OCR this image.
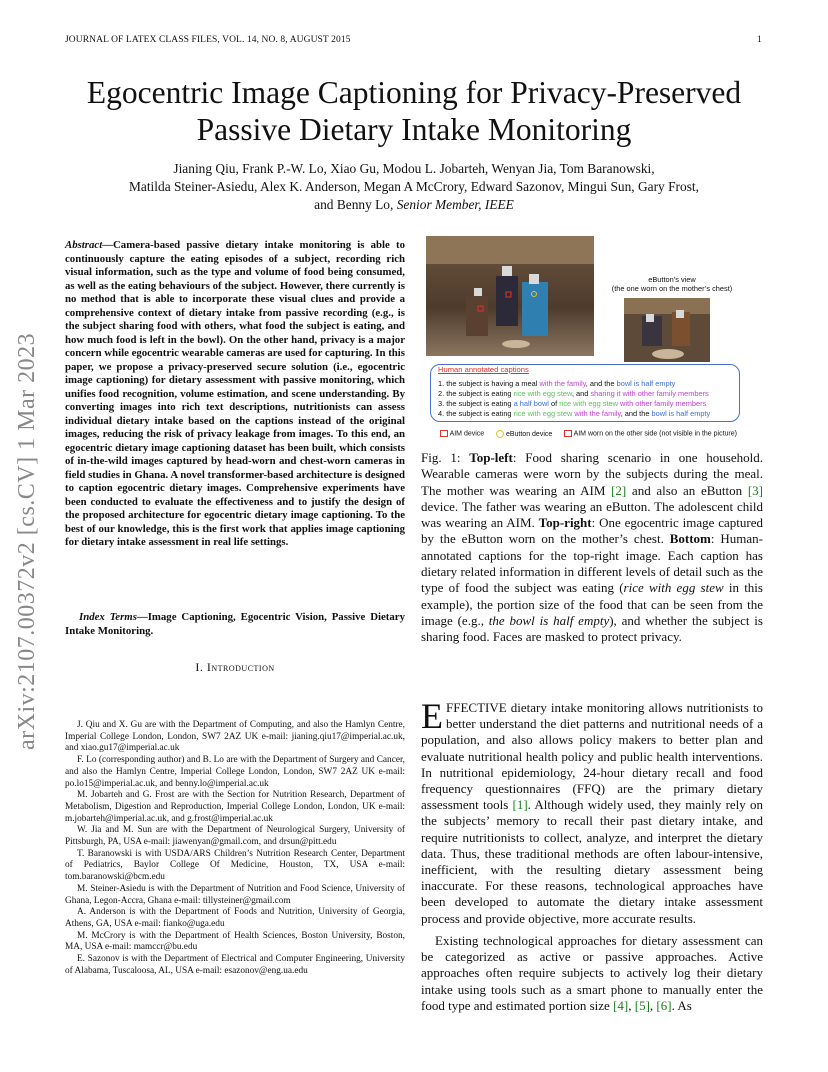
JOURNAL OF LATEX CLASS FILES, VOL. 14, NO. 8, AUGUST 2015	1
Egocentric Image Captioning for Privacy-Preserved Passive Dietary Intake Monitoring
Jianing Qiu, Frank P.-W. Lo, Xiao Gu, Modou L. Jobarteh, Wenyan Jia, Tom Baranowski,
Matilda Steiner-Asiedu, Alex K. Anderson, Megan A McCrory, Edward Sazonov, Mingui Sun, Gary Frost,
and Benny Lo, Senior Member, IEEE
arXiv:2107.00372v2 [cs.CV] 1 Mar 2023
Abstract—Camera-based passive dietary intake monitoring is able to continuously capture the eating episodes of a subject, recording rich visual information, such as the type and volume of food being consumed, as well as the eating behaviours of the subject. However, there currently is no method that is able to incorporate these visual clues and provide a comprehensive context of dietary intake from passive recording (e.g., is the subject sharing food with others, what food the subject is eating, and how much food is left in the bowl). On the other hand, privacy is a major concern while egocentric wearable cameras are used for capturing. In this paper, we propose a privacy-preserved secure solution (i.e., egocentric image captioning) for dietary assessment with passive monitoring, which unifies food recognition, volume estimation, and scene understanding. By converting images into rich text descriptions, nutritionists can assess individual dietary intake based on the captions instead of the original images, reducing the risk of privacy leakage from images. To this end, an egocentric dietary image captioning dataset has been built, which consists of in-the-wild images captured by head-worn and chest-worn cameras in field studies in Ghana. A novel transformer-based architecture is designed to caption egocentric dietary images. Comprehensive experiments have been conducted to evaluate the effectiveness and to justify the design of the proposed architecture for egocentric dietary image captioning. To the best of our knowledge, this is the first work that applies image captioning for dietary intake assessment in real life settings.
Index Terms—Image Captioning, Egocentric Vision, Passive Dietary Intake Monitoring.
I. Introduction

J. Qiu and X. Gu are with the Department of Computing, and also the Hamlyn Centre, Imperial College London, London, SW7 2AZ UK e-mail: jianing.qiu17@imperial.ac.uk, and xiao.gu17@imperial.ac.uk

F. Lo (corresponding author) and B. Lo are with the Department of Surgery and Cancer, and also the Hamlyn Centre, Imperial College London, London, SW7 2AZ UK e-mail: po.lo15@imperial.ac.uk, and benny.lo@imperial.ac.uk

M. Jobarteh and G. Frost are with the Section for Nutrition Research, Department of Metabolism, Digestion and Reproduction, Imperial College London, London, UK e-mail: m.jobarteh@imperial.ac.uk, and g.frost@imperial.ac.uk

W. Jia and M. Sun are with the Department of Neurological Surgery, University of Pittsburgh, PA, USA e-mail: jiawenyan@gmail.com, and drsun@pitt.edu

T. Baranowski is with USDA/ARS Children’s Nutrition Research Center, Department of Pediatrics, Baylor College Of Medicine, Houston, TX, USA e-mail: tom.baranowski@bcm.edu

M. Steiner-Asiedu is with the Department of Nutrition and Food Science, University of Ghana, Legon-Accra, Ghana e-mail: tillysteiner@gmail.com

A. Anderson is with the Department of Foods and Nutrition, University of Georgia, Athens, GA, USA e-mail: fianko@uga.edu

M. McCrory is with the Department of Health Sciences, Boston University, Boston, MA, USA e-mail: mamccr@bu.edu

E. Sazonov is with the Department of Electrical and Computer Engineering, University of Alabama, Tuscaloosa, AL, USA e-mail: esazonov@eng.ua.edu

eButton’s view
(the one worn on the mother’s chest)
Human annotated captions
1. the subject is having a meal with the family, and the bowl is half empty
2. the subject is eating rice with egg stew, and sharing it with other family members
3. the subject is eating a half bowl of rice with egg stew with other family members
4. the subject is eating rice with egg stew with the family, and the bowl is half empty
AIM device	eButton device	AIM worn on the other side (not visible in the picture)
Fig. 1: Top-left: Food sharing scenario in one household. Wearable cameras were worn by the subjects during the meal. The mother was wearing an AIM [2] and also an eButton [3] device. The father was wearing an eButton. The adolescent child was wearing an AIM. Top-right: One egocentric image captured by the eButton worn on the mother’s chest. Bottom: Human-annotated captions for the top-right image. Each caption has dietary related information in different levels of detail such as the type of food the subject was eating (rice with egg stew in this example), the portion size of the food that can be seen from the image (e.g., the bowl is half empty), and whether the subject is sharing food. Faces are masked to protect privacy.

EFFECTIVE dietary intake monitoring allows nutritionists to better understand the diet patterns and nutritional needs of a population, and also allows policy makers to better plan and evaluate nutritional health policy and public health interventions. In nutritional epidemiology, 24-hour dietary recall and food frequency questionnaires (FFQ) are the primary dietary assessment tools [1]. Although widely used, they mainly rely on the subjects’ memory to recall their past dietary intake, and require nutritionists to collect, analyze, and interpret the dietary data. Thus, these traditional methods are often labour-intensive, inefficient, with the resulting dietary assessment being inaccurate. For these reasons, technological approaches have been developed to automate the dietary intake assessment process and provide objective, more accurate results.

Existing technological approaches for dietary assessment can be categorized as active or passive approaches. Active approaches often require subjects to actively log their dietary intake using tools such as a smart phone to manually enter the food type and estimated portion size [4], [5], [6]. As
